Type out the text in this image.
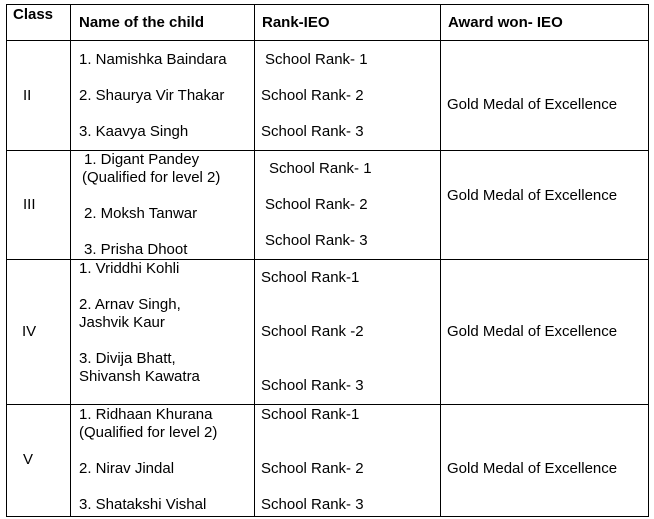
Class Name of the child	Rank-IEO	Award won- IEO
II
1. Namishka Baindara
2. Shaurya Vir Thakar
3. Kaavya Singh
School Rank- 1
School Rank- 2
School Rank- 3
Gold Medal of Excellence
III
1. Digant Pandey
(Qualified for level 2)
2. Moksh Tanwar
3. Prisha Dhoot
School Rank- 1
School Rank- 2
School Rank- 3
Gold Medal of Excellence
IV
1. Vriddhi Kohli
2. Arnav Singh,
Jashvik Kaur
3. Divija Bhatt,
Shivansh Kawatra
School Rank-1
School Rank -2
School Rank- 3
Gold Medal of Excellence
V
1. Ridhaan Khurana
(Qualified for level 2)
2. Nirav Jindal
3. Shatakshi Vishal
School Rank-1
School Rank- 2
School Rank- 3
Gold Medal of Excellence
